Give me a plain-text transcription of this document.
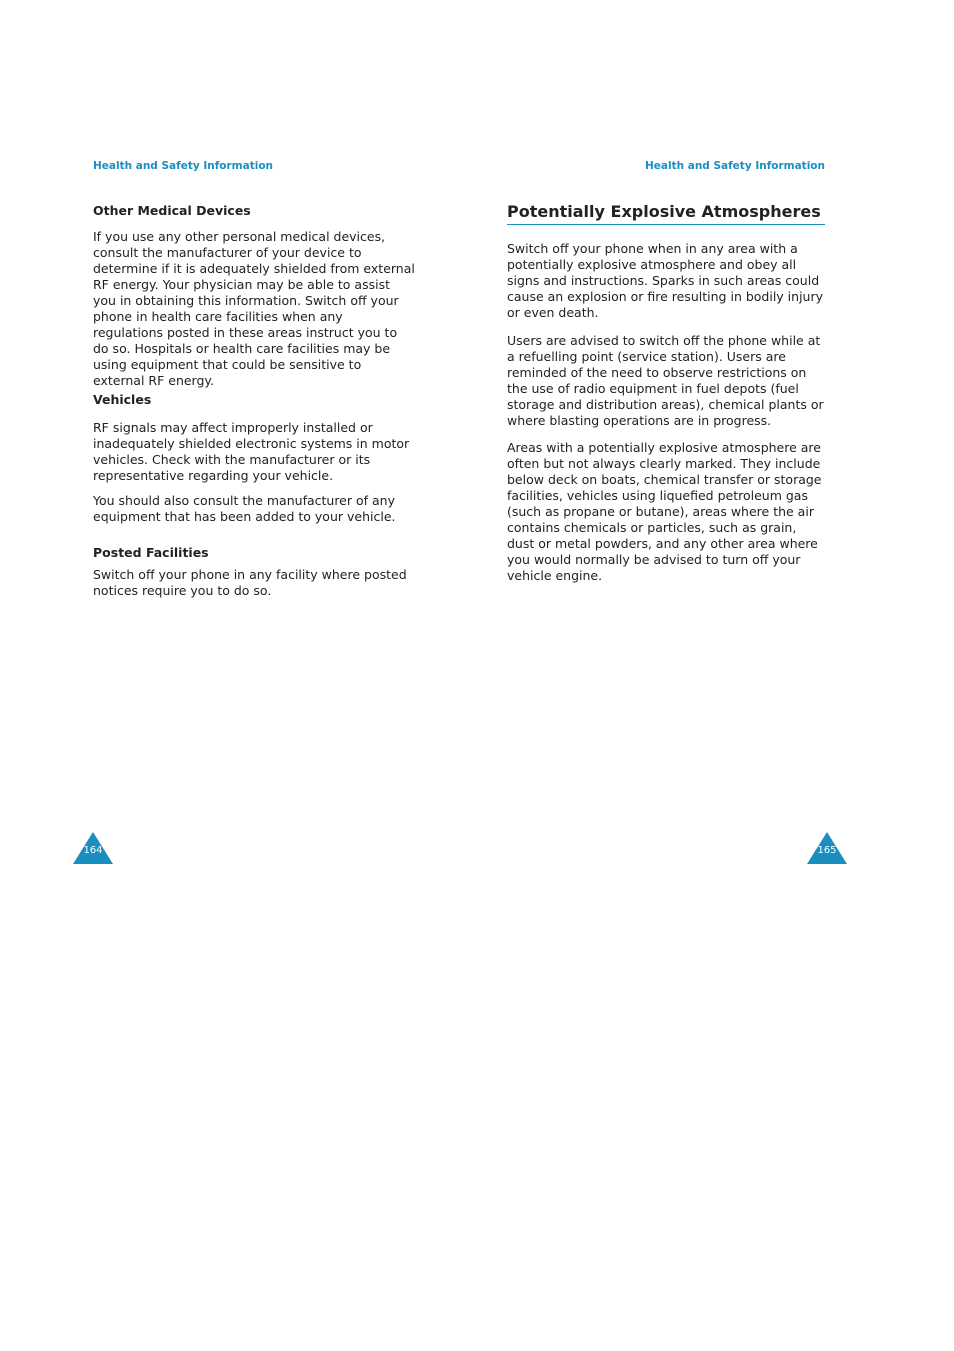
Health and Safety Information
Other Medical Devices

If you use any other personal medical devices, consult the manufacturer of your device to determine if it is adequately shielded from external RF energy. Your physician may be able to assist you in obtaining this information. Switch off your phone in health care facilities when any regulations posted in these areas instruct you to do so. Hospitals or health care facilities may be using equipment that could be sensitive to external RF energy.

Vehicles

RF signals may affect improperly installed or inadequately shielded electronic systems in motor vehicles. Check with the manufacturer or its representative regarding your vehicle.

You should also consult the manufacturer of any equipment that has been added to your vehicle.

Posted Facilities

Switch off your phone in any facility where posted notices require you to do so.

164
Health and Safety Information
Potentially Explosive Atmospheres

Switch off your phone when in any area with a potentially explosive atmosphere and obey all signs and instructions. Sparks in such areas could cause an explosion or fire resulting in bodily injury or even death.

Users are advised to switch off the phone while at a refuelling point (service station). Users are reminded of the need to observe restrictions on the use of radio equipment in fuel depots (fuel storage and distribution areas), chemical plants or where blasting operations are in progress.

Areas with a potentially explosive atmosphere are often but not always clearly marked. They include below deck on boats, chemical transfer or storage facilities, vehicles using liquefied petroleum gas (such as propane or butane), areas where the air contains chemicals or particles, such as grain, dust or metal powders, and any other area where you would normally be advised to turn off your vehicle engine.

165
